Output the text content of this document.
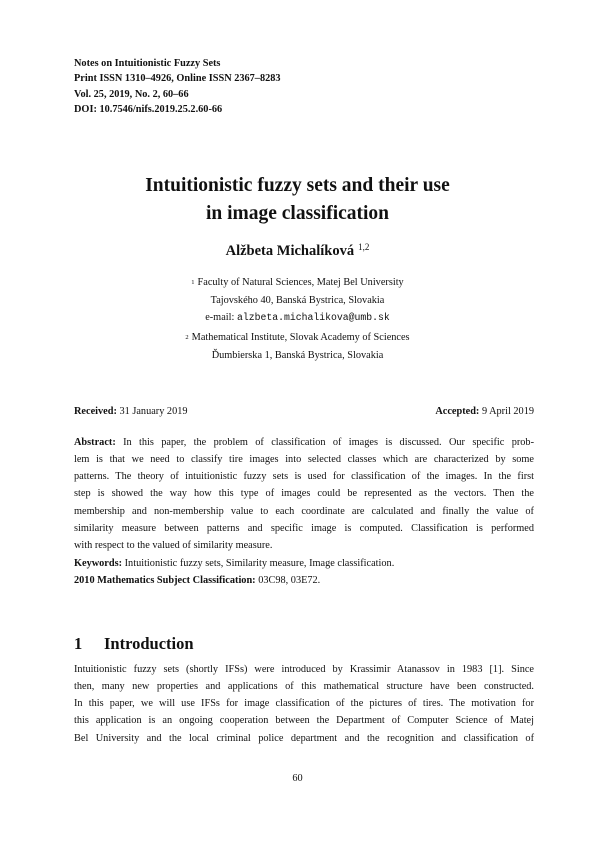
Notes on Intuitionistic Fuzzy Sets
Print ISSN 1310–4926, Online ISSN 2367–8283
Vol. 25, 2019, No. 2, 60–66
DOI: 10.7546/nifs.2019.25.2.60-66
Intuitionistic fuzzy sets and their use
in image classification
Alžbeta Michalíková $^{1,2}$
$^1$ Faculty of Natural Sciences, Matej Bel University
Tajovského 40, Banská Bystrica, Slovakia
e-mail: alzbeta.michalikova@umb.sk
$^2$ Mathematical Institute, Slovak Academy of Sciences
Ďumbierska 1, Banská Bystrica, Slovakia
Received: 31 January 2019	Accepted: 9 April 2019
Abstract: In this paper, the problem of classification of images is discussed. Our specific prob-
lem is that we need to classify tire images into selected classes which are characterized by some
patterns. The theory of intuitionistic fuzzy sets is used for classification of the images. In the first
step is showed the way how this type of images could be represented as the vectors. Then the
membership and non-membership value to each coordinate are calculated and finally the value of
similarity measure between patterns and specific image is computed. Classification is performed
with respect to the valued of similarity measure.
Keywords: Intuitionistic fuzzy sets, Similarity measure, Image classification.
2010 Mathematics Subject Classification: 03C98, 03E72.
1 Introduction
Intuitionistic fuzzy sets (shortly IFSs) were introduced by Krassimir Atanassov in 1983 [1]. Since
then, many new properties and applications of this mathematical structure have been constructed.
In this paper, we will use IFSs for image classification of the pictures of tires. The motivation for
this application is an ongoing cooperation between the Department of Computer Science of Matej
Bel University and the local criminal police department and the recognition and classification of
60
